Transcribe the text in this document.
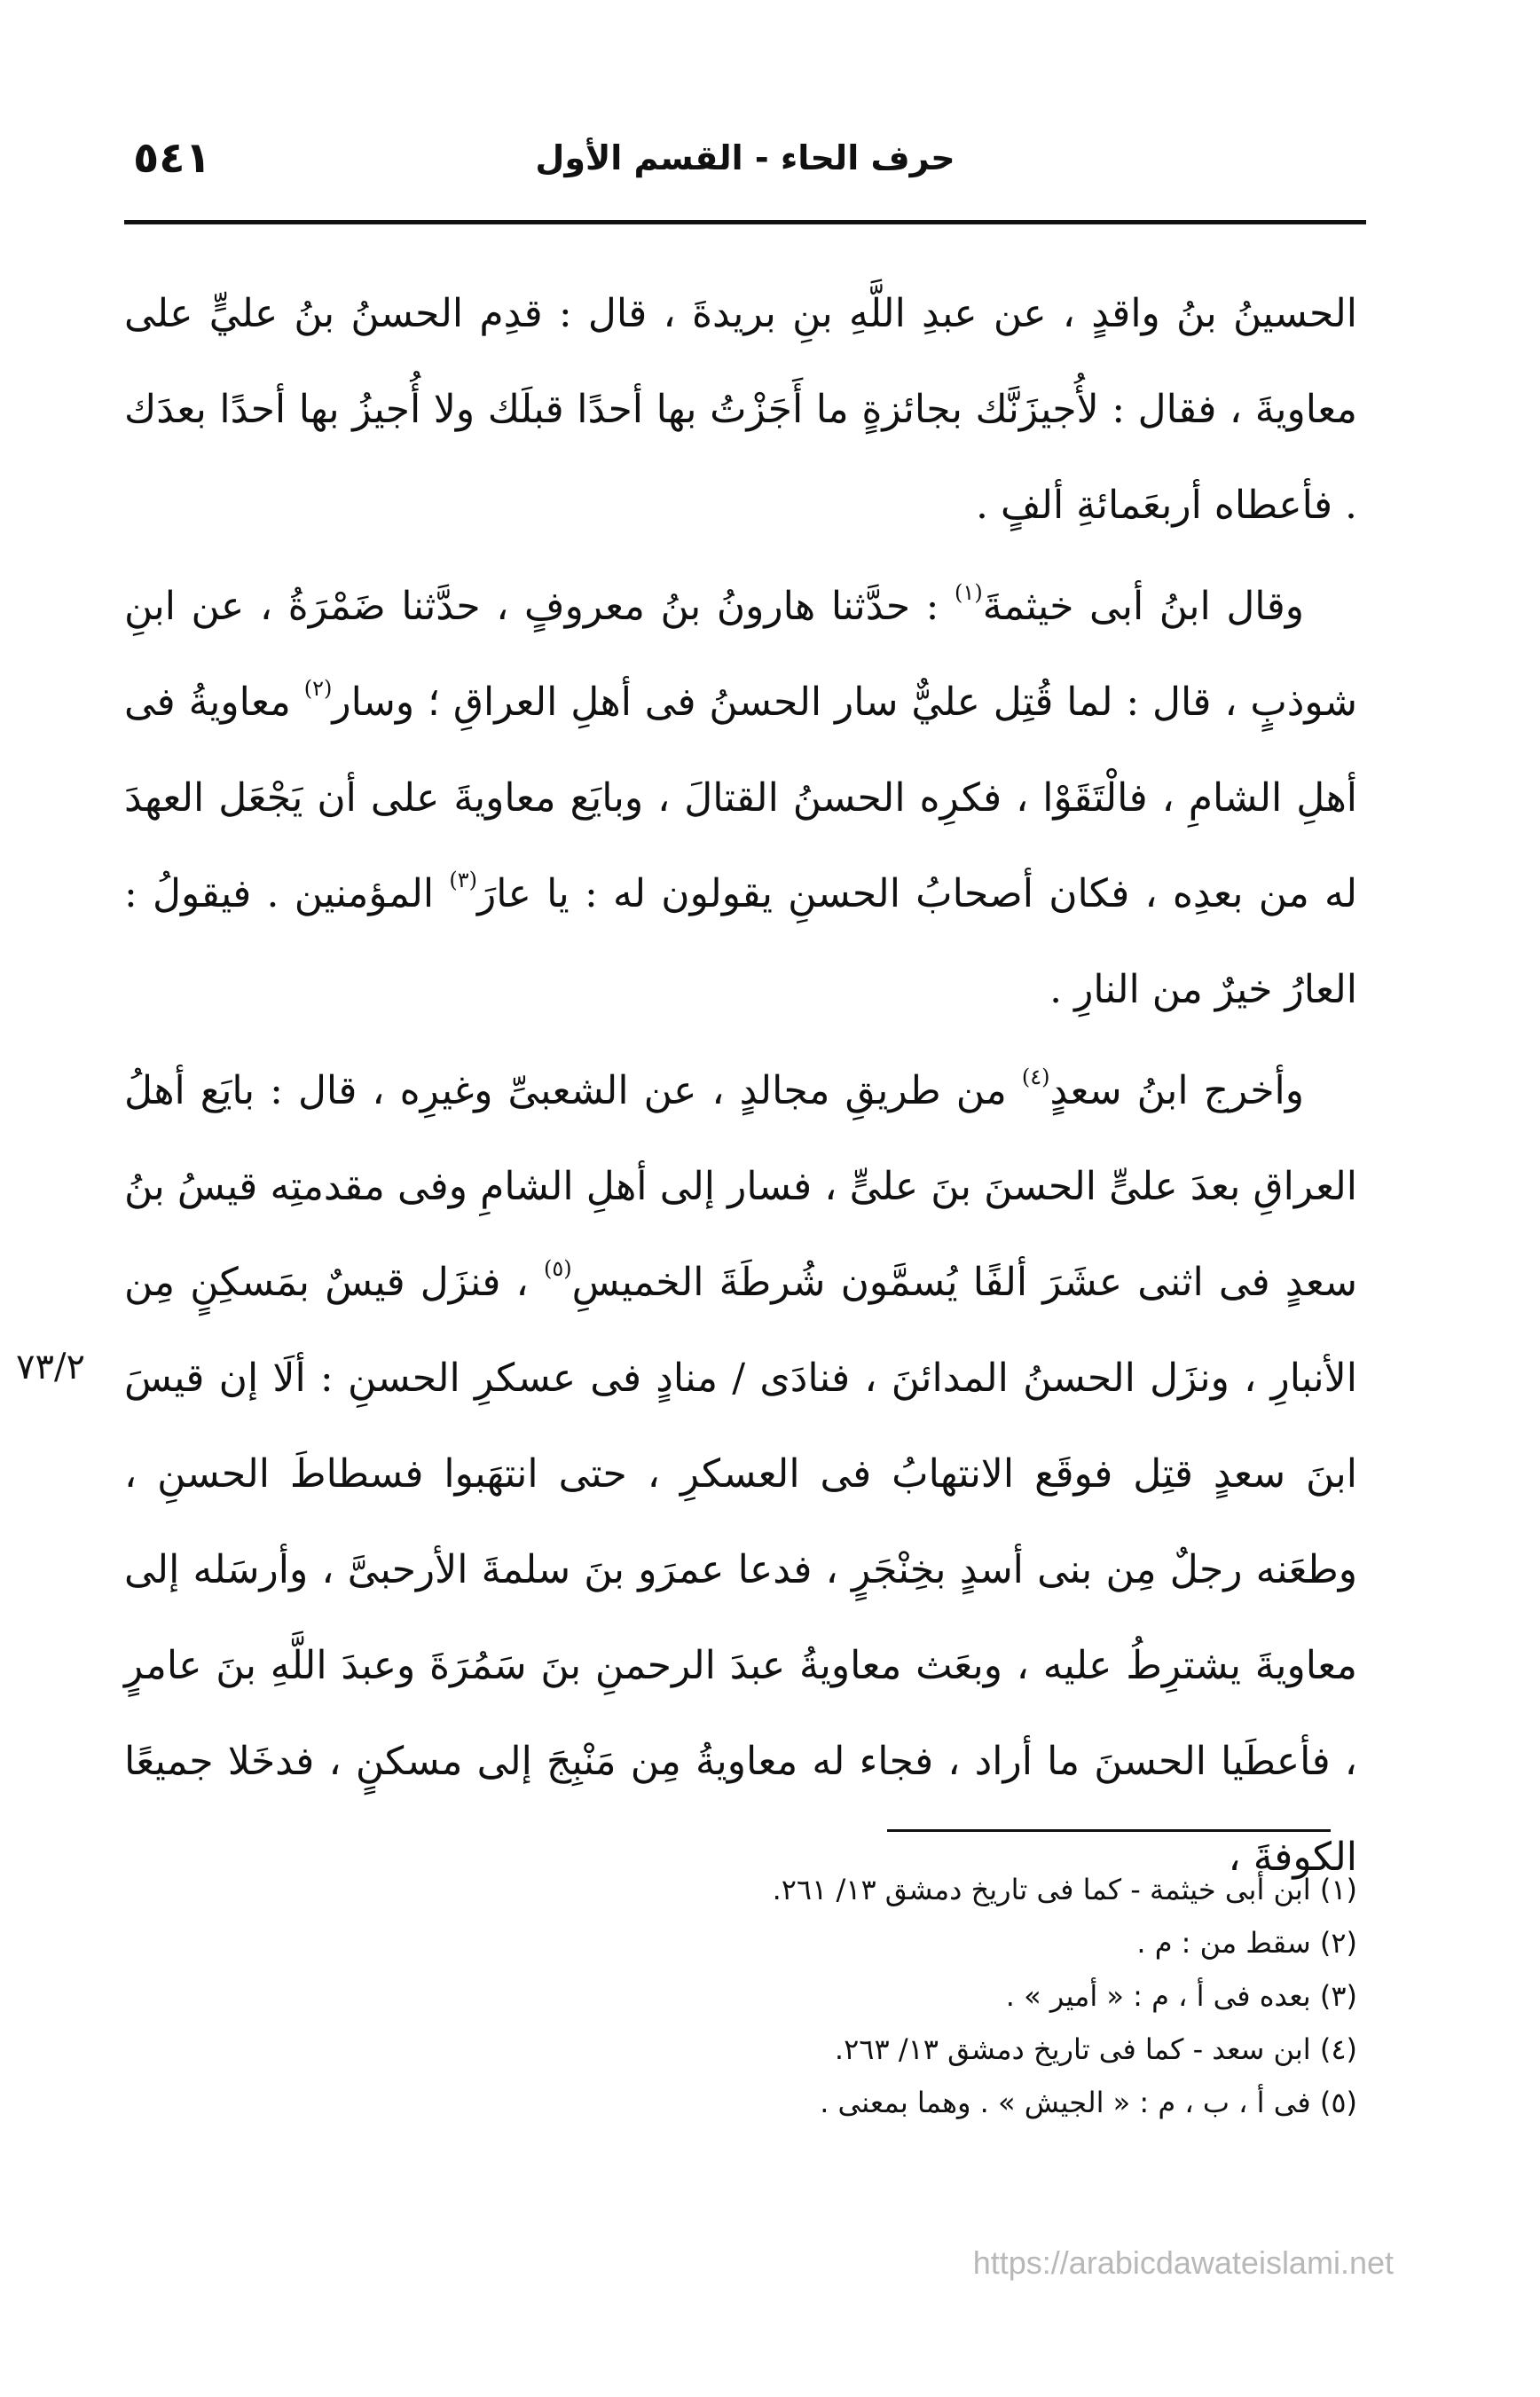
٥٤١	حرف الحاء - القسم الأول

الحسينُ بنُ واقدٍ ، عن عبدِ اللَّهِ بنِ بريدةَ ، قال : قدِم الحسنُ بنُ عليٍّ على معاويةَ ، فقال : لأُجيزَنَّك بجائزةٍ ما أَجَزْتُ بها أحدًا قبلَك ولا أُجيزُ بها أحدًا بعدَك . فأعطاه أربعَمائةِ ألفٍ .

وقال ابنُ أبى خيثمةَ$^{(١)}$ : حدَّثنا هارونُ بنُ معروفٍ ، حدَّثنا ضَمْرَةُ ، عن ابنِ شوذبٍ ، قال : لما قُتِل عليٌّ سار الحسنُ فى أهلِ العراقِ ؛ وسار$^{(٢)}$ معاويةُ فى أهلِ الشامِ ، فالْتَقَوْا ، فكرِه الحسنُ القتالَ ، وبايَع معاويةَ على أن يَجْعَل العهدَ له من بعدِه ، فكان أصحابُ الحسنِ يقولون له : يا عارَ$^{(٣)}$ المؤمنين . فيقولُ : العارُ خيرٌ من النارِ .

وأخرج ابنُ سعدٍ$^{(٤)}$ من طريقِ مجالدٍ ، عن الشعبىِّ وغيرِه ، قال : بايَع أهلُ العراقِ بعدَ علىٍّ الحسنَ بنَ علىٍّ ، فسار إلى أهلِ الشامِ وفى مقدمتِه قيسُ بنُ سعدٍ فى اثنى عشَرَ ألفًا يُسمَّون شُرطَةَ الخميسِ$^{(٥)}$ ، فنزَل قيسٌ بمَسكِنٍ مِن الأنبارِ ، ونزَل الحسنُ المدائنَ ، فنادَى / منادٍ فى عسكرِ الحسنِ : ألَا إن قيسَ ابنَ سعدٍ قتِل فوقَع الانتهابُ فى العسكرِ ، حتى انتهَبوا فسطاطَ الحسنِ ، وطعَنه رجلٌ مِن بنى أسدٍ بخِنْجَرٍ ، فدعا عمرَو بنَ سلمةَ الأرحبىَّ ، وأرسَله إلى معاويةَ يشترِطُ عليه ، وبعَث معاويةُ عبدَ الرحمنِ بنَ سَمُرَةَ وعبدَ اللَّهِ بنَ عامرٍ ، فأعطَيا الحسنَ ما أراد ، فجاء له معاويةُ مِن مَنْبِجَ إلى مسكنٍ ، فدخَلا جميعًا الكوفةَ ،

٧٣/٢
(١) ابن أبى خيثمة - كما فى تاريخ دمشق ١٣/ ٢٦١.
(٢) سقط من : م .
(٣) بعده فى أ ، م : « أمير » .
(٤) ابن سعد - كما فى تاريخ دمشق ١٣/ ٢٦٣.
(٥) فى أ ، ب ، م : « الجيش » . وهما بمعنى .
https://arabicdawateislami.net
